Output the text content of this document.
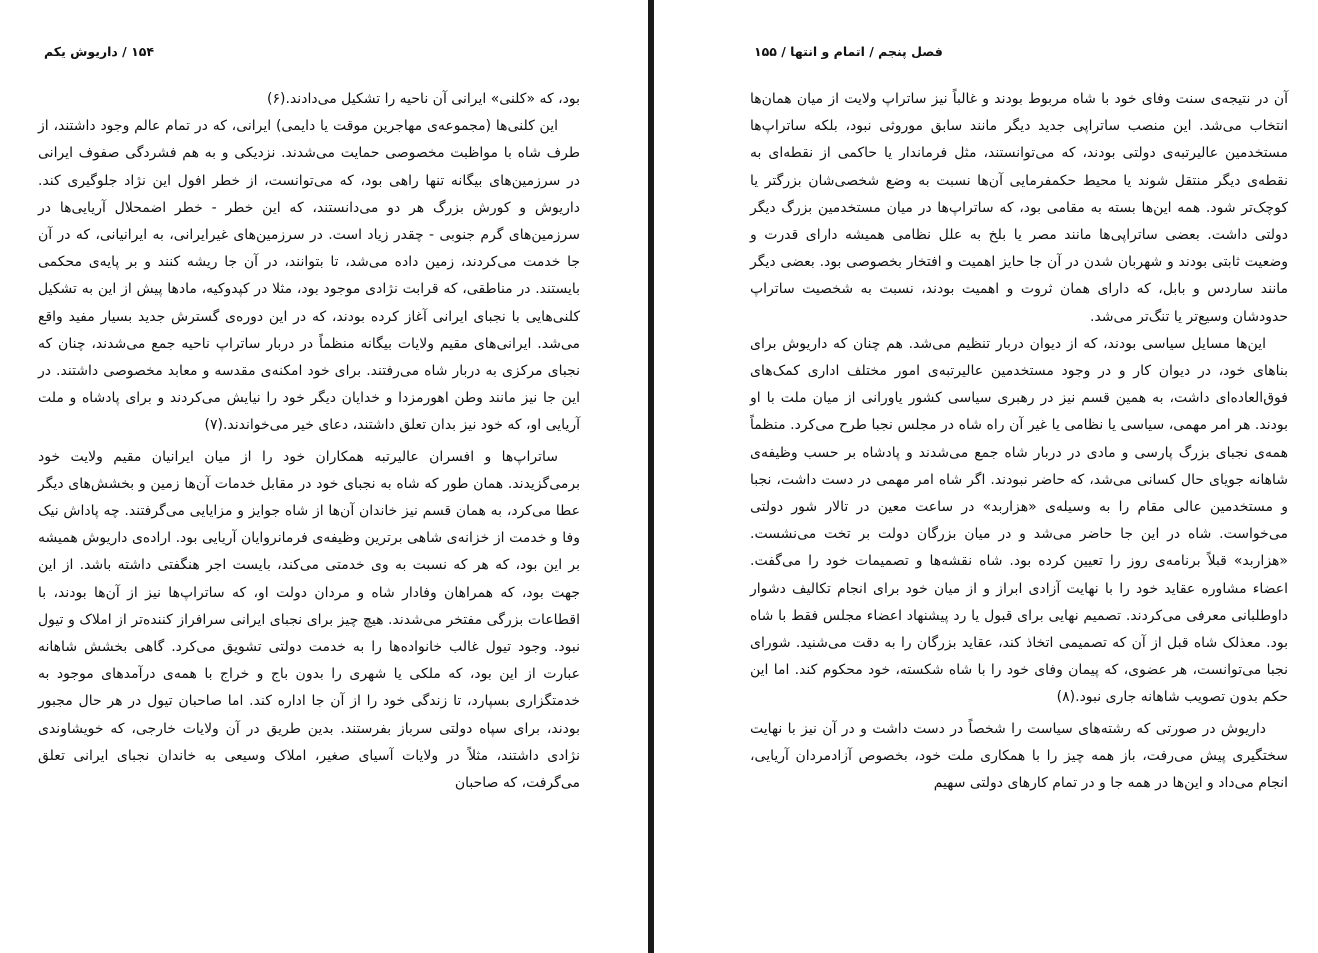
۱۵۴ / داریوش یکم

بود، که «کلنی» ایرانی آن ناحیه را تشکیل می‌دادند.(۶)

این کلنی‌ها (مجموعه‌ی مهاجرین موقت یا دایمی) ایرانی، که در تمام عالم وجود داشتند، از طرف شاه با مواظبت مخصوصی حمایت می‌شدند. نزدیکی و به هم فشردگی صفوف ایرانی در سرزمین‌های بیگانه تنها راهی بود، که می‌توانست، از خطر افول این نژاد جلوگیری کند. داریوش و کورش بزرگ هر دو می‌دانستند، که این خطر - خطر اضمحلال آریایی‌ها در سرزمین‌های گرم جنوبی - چقدر زیاد است. در سرزمین‌های غیرایرانی، به ایرانیانی، که در آن جا خدمت می‌کردند، زمین داده می‌شد، تا بتوانند، در آن جا ریشه کنند و بر پایه‌ی محکمی بایستند. در مناطقی، که قرابت نژادی موجود بود، مثلا در کپدوکیه، مادها پیش از این به تشکیل کلنی‌هایی با نجبای ایرانی آغاز کرده بودند، که در این دوره‌ی گسترش جدید بسیار مفید واقع می‌شد. ایرانی‌های مقیم ولایات بیگانه منظماً در دربار ساتراپ ناحیه جمع می‌شدند، چنان که نجبای مرکزی به دربار شاه می‌رفتند. برای خود امکنه‌ی مقدسه و معابد مخصوصی داشتند. در این جا نیز مانند وطن اهورمزدا و خدایان دیگر خود را نیایش می‌کردند و برای پادشاه و ملت آریایی او، که خود نیز بدان تعلق داشتند، دعای خیر می‌خواندند.(۷)

ساتراپ‌ها و افسران عالیرتبه همکاران خود را از میان ایرانیان مقیم ولایت خود برمی‌گزیدند. همان طور که شاه به نجبای خود در مقابل خدمات آن‌ها زمین و بخشش‌های دیگر عطا می‌کرد، به همان قسم نیز خاندان آن‌ها از شاه جوایز و مزایایی می‌گرفتند. چه پاداش نیک وفا و خدمت از خزانه‌ی شاهی برترین وظیفه‌ی فرمانروایان آریایی بود. اراده‌ی داریوش همیشه بر این بود، که هر که نسبت به وی خدمتی می‌کند، بایست اجر هنگفتی داشته باشد. از این جهت بود، که همراهان وفادار شاه و مردان دولت او، که ساتراپ‌ها نیز از آن‌ها بودند، با اقطاعات بزرگی مفتخر می‌شدند. هیچ چیز برای نجبای ایرانی سرافراز کننده‌تر از املاک و تیول نبود. وجود تیول غالب خانواده‌ها را به خدمت دولتی تشویق می‌کرد. گاهی بخشش شاهانه عبارت از این بود، که ملکی یا شهری را بدون باج و خراج با همه‌ی درآمدهای موجود به خدمتگزاری بسپارد، تا زندگی خود را از آن جا اداره کند. اما صاحبان تیول در هر حال مجبور بودند، برای سپاه دولتی سرباز بفرستند. بدین طریق در آن ولایات خارجی، که خویشاوندی نژادی داشتند، مثلاً در ولایات آسیای صغیر، املاک وسیعی به خاندان نجبای ایرانی تعلق می‌گرفت، که صاحبان

فصل پنجم / اتمام و انتها / ۱۵۵

آن در نتیجه‌ی سنت وفای خود با شاه مربوط بودند و غالباً نیز ساتراپ ولایت از میان همان‌ها انتخاب می‌شد. این منصب ساتراپی جدید دیگر مانند سابق موروثی نبود، بلکه ساتراپ‌ها مستخدمین عالیرتبه‌ی دولتی بودند، که می‌توانستند، مثل فرماندار یا حاکمی از نقطه‌ای به نقطه‌ی دیگر منتقل شوند یا محیط حکمفرمایی آن‌ها نسبت به وضع شخصی‌شان بزرگتر یا کوچک‌تر شود. همه این‌ها بسته به مقامی بود، که ساتراپ‌ها در میان مستخدمین بزرگ دیگر دولتی داشت. بعضی ساتراپی‌ها مانند مصر یا بلخ به علل نظامی همیشه دارای قدرت و وضعیت ثابتی بودند و شهربان شدن در آن جا حایز اهمیت و افتخار بخصوصی بود. بعضی دیگر مانند ساردس و بابل، که دارای همان ثروت و اهمیت بودند، نسبت به شخصیت ساتراپ حدودشان وسیع‌تر یا تنگ‌تر می‌شد.

این‌ها مسایل سیاسی بودند، که از دیوان دربار تنظیم می‌شد. هم چنان که داریوش برای بناهای خود، در دیوان کار و در وجود مستخدمین عالیرتبه‌ی امور مختلف اداری کمک‌های فوق‌العاده‌ای داشت، به همین قسم نیز در رهبری سیاسی کشور یاورانی از میان ملت با او بودند. هر امر مهمی، سیاسی یا نظامی یا غیر آن راه شاه در مجلس نجبا طرح می‌کرد. منظماً همه‌ی نجبای بزرگ پارسی و مادی در دربار شاه جمع می‌شدند و پادشاه بر حسب وظیفه‌ی شاهانه جویای حال کسانی می‌شد، که حاضر نبودند. اگر شاه امر مهمی در دست داشت، نجبا و مستخدمین عالی مقام را به وسیله‌ی «هزاربد» در ساعت معین در تالار شور دولتی می‌خواست. شاه در این جا حاضر می‌شد و در میان بزرگان دولت بر تخت می‌نشست. «هزاربد» قبلاً برنامه‌ی روز را تعیین کرده بود. شاه نقشه‌ها و تصمیمات خود را می‌گفت. اعضاء مشاوره عقاید خود را با نهایت آزادی ابراز و از میان خود برای انجام تکالیف دشوار داوطلبانی معرفی می‌کردند. تصمیم نهایی برای قبول یا رد پیشنهاد اعضاء مجلس فقط با شاه بود. معذلک شاه قبل از آن که تصمیمی اتخاذ کند، عقاید بزرگان را به دقت می‌شنید. شورای نجبا می‌توانست، هر عضوی، که پیمان وفای خود را با شاه شکسته، خود محکوم کند. اما این حکم بدون تصویب شاهانه جاری نبود.(۸)

داریوش در صورتی که رشته‌های سیاست را شخصاً در دست داشت و در آن نیز با نهایت سختگیری پیش می‌رفت، باز همه چیز را با همکاری ملت خود، بخصوص آزادمردان آریایی، انجام می‌داد و این‌ها در همه جا و در تمام کارهای دولتی سهیم
